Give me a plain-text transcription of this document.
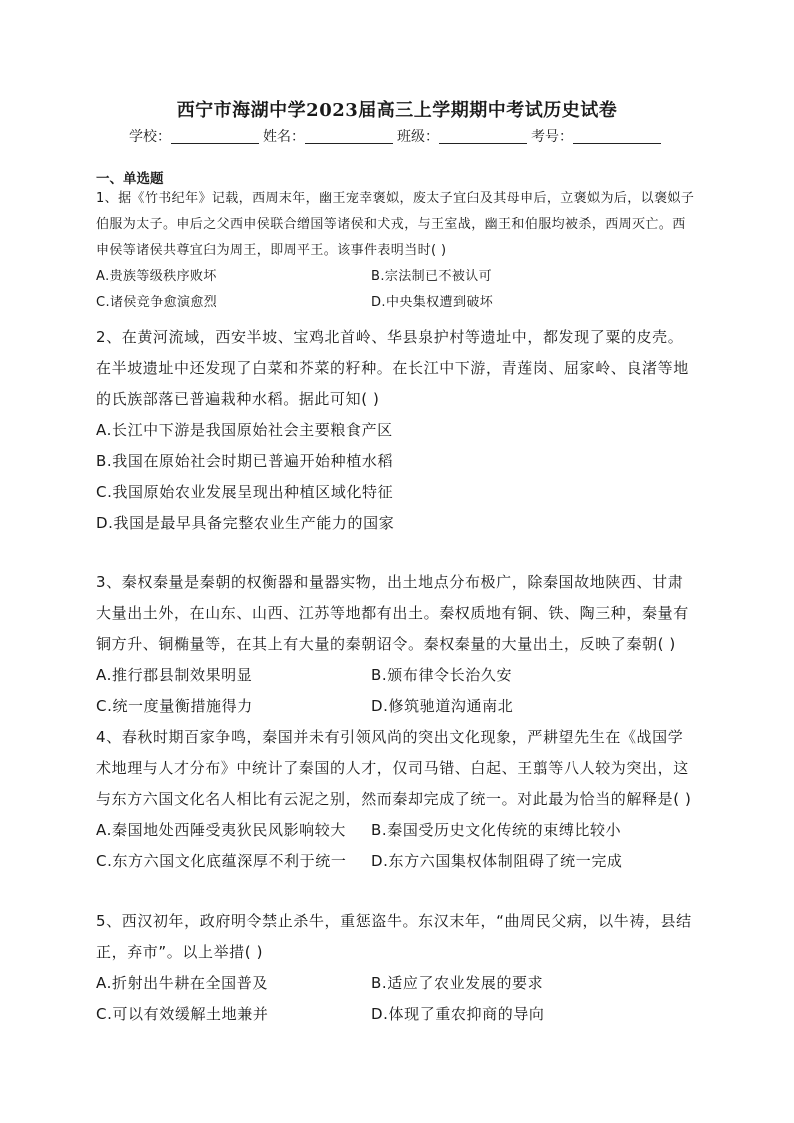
西宁市海湖中学2023届高三上学期期中考试历史试卷
学校：	姓名：	班级：	考号：
一、单选题

1、据《竹书纪年》记载，西周末年，幽王宠幸褒姒，废太子宜臼及其母申后，立褒姒为后，以褒姒子伯服为太子。申后之父西申侯联合缯国等诸侯和犬戎，与王室战，幽王和伯服均被杀，西周灭亡。西申侯等诸侯共尊宜臼为周王，即周平王。该事件表明当时( )

A.贵族等级秩序败坏	B.宗法制已不被认可
C.诸侯竞争愈演愈烈	D.中央集权遭到破坏

2、在黄河流域，西安半坡、宝鸡北首岭、华县泉护村等遗址中，都发现了粟的皮壳。在半坡遗址中还发现了白菜和芥菜的籽种。在长江中下游，青莲岗、屈家岭、良渚等地的氏族部落已普遍栽种水稻。据此可知( )

A.长江中下游是我国原始社会主要粮食产区
B.我国在原始社会时期已普遍开始种植水稻
C.我国原始农业发展呈现出种植区域化特征
D.我国是最早具备完整农业生产能力的国家

3、秦权秦量是秦朝的权衡器和量器实物，出土地点分布极广，除秦国故地陕西、甘肃大量出土外，在山东、山西、江苏等地都有出土。秦权质地有铜、铁、陶三种，秦量有铜方升、铜椭量等，在其上有大量的秦朝诏令。秦权秦量的大量出土，反映了秦朝( )

A.推行郡县制效果明显	B.颁布律令长治久安
C.统一度量衡措施得力	D.修筑驰道沟通南北

4、春秋时期百家争鸣，秦国并未有引领风尚的突出文化现象，严耕望先生在《战国学术地理与人才分布》中统计了秦国的人才，仅司马错、白起、王翦等八人较为突出，这与东方六国文化名人相比有云泥之别，然而秦却完成了统一。对此最为恰当的解释是( )

A.秦国地处西陲受夷狄民风影响较大 B.秦国受历史文化传统的束缚比较小
C.东方六国文化底蕴深厚不利于统一 D.东方六国集权体制阻碍了统一完成

5、西汉初年，政府明令禁止杀牛，重惩盗牛。东汉末年，“曲周民父病，以牛祷，县结正，弃市”。以上举措( )

A.折射出牛耕在全国普及	B.适应了农业发展的要求
C.可以有效缓解土地兼并	D.体现了重农抑商的导向
